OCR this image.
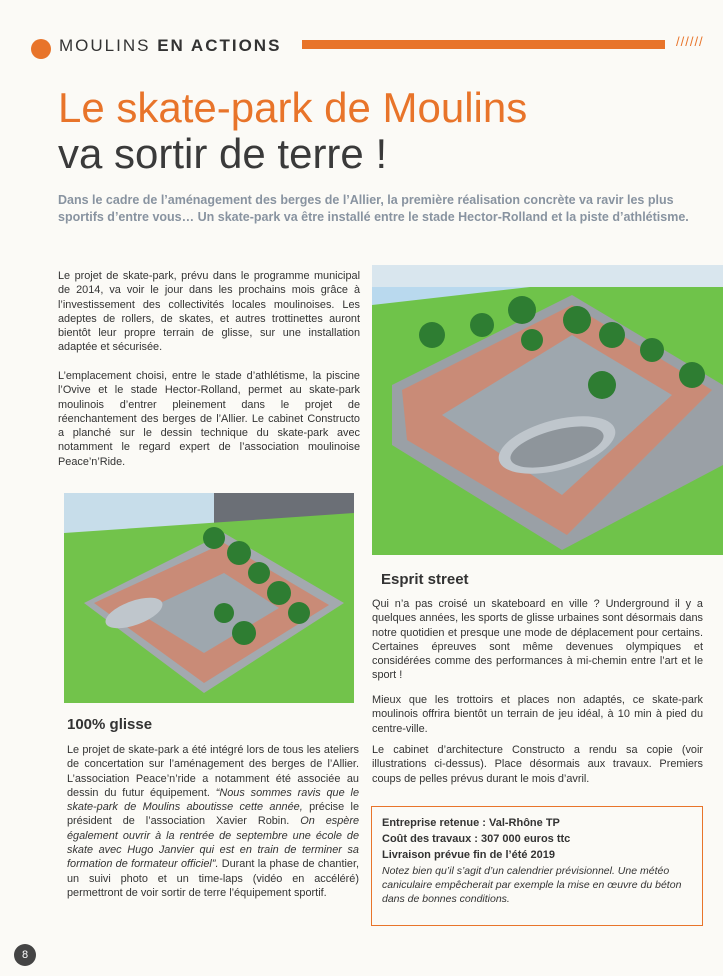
MOULINS EN ACTIONS	//////
Le skate-park de Moulins
va sortir de terre !
Dans le cadre de l’aménagement des berges de l’Allier, la première réalisation concrète va ravir les plus sportifs d’entre vous… Un skate-park va être installé entre le stade Hector-Rolland et la piste d’athlétisme.
Le projet de skate-park, prévu dans le programme municipal de 2014, va voir le jour dans les prochains mois grâce à l’investissement des collectivités locales moulinoises. Les adeptes de rollers, de skates, et autres trottinettes auront bientôt leur propre terrain de glisse, sur une installation adaptée et sécurisée.
L’emplacement choisi, entre le stade d’athlétisme, la piscine l’Ovive et le stade Hector-Rolland, permet au skate-park moulinois d’entrer pleinement dans le projet de réenchantement des berges de l’Allier. Le cabinet Constructo a planché sur le dessin technique du skate-park avec notamment le regard expert de l’association moulinoise Peace’n’Ride.
100% glisse
Le projet de skate-park a été intégré lors de tous les ateliers de concertation sur l’aménagement des berges de l’Allier. L’association Peace’n’ride a notamment été associée au dessin du futur équipement. “Nous sommes ravis que le skate-park de Moulins aboutisse cette année, précise le président de l’association Xavier Robin. On espère également ouvrir à la rentrée de septembre une école de skate avec Hugo Janvier qui est en train de terminer sa formation de formateur officiel”. Durant la phase de chantier, un suivi photo et un time-laps (vidéo en accéléré) permettront de voir sortir de terre l’équipement sportif.
Esprit street
Qui n’a pas croisé un skateboard en ville ? Underground il y a quelques années, les sports de glisse urbaines sont désormais dans notre quotidien et presque une mode de déplacement pour certains. Certaines épreuves sont même devenues olympiques et considérées comme des performances à mi-chemin entre l’art et le sport !
Mieux que les trottoirs et places non adaptés, ce skate-park moulinois offrira bientôt un terrain de jeu idéal, à 10 min à pied du centre-ville.
Le cabinet d’architecture Constructo a rendu sa copie (voir illustrations ci-dessus). Place désormais aux travaux. Premiers coups de pelles prévus durant le mois d’avril.
Entreprise retenue : Val-Rhône TP
Coût des travaux : 307 000 euros ttc
Livraison prévue fin de l’été 2019
Notez bien qu’il s’agit d’un calendrier prévisionnel. Une météo caniculaire empêcherait par exemple la mise en œuvre du béton dans de bonnes conditions.
8
